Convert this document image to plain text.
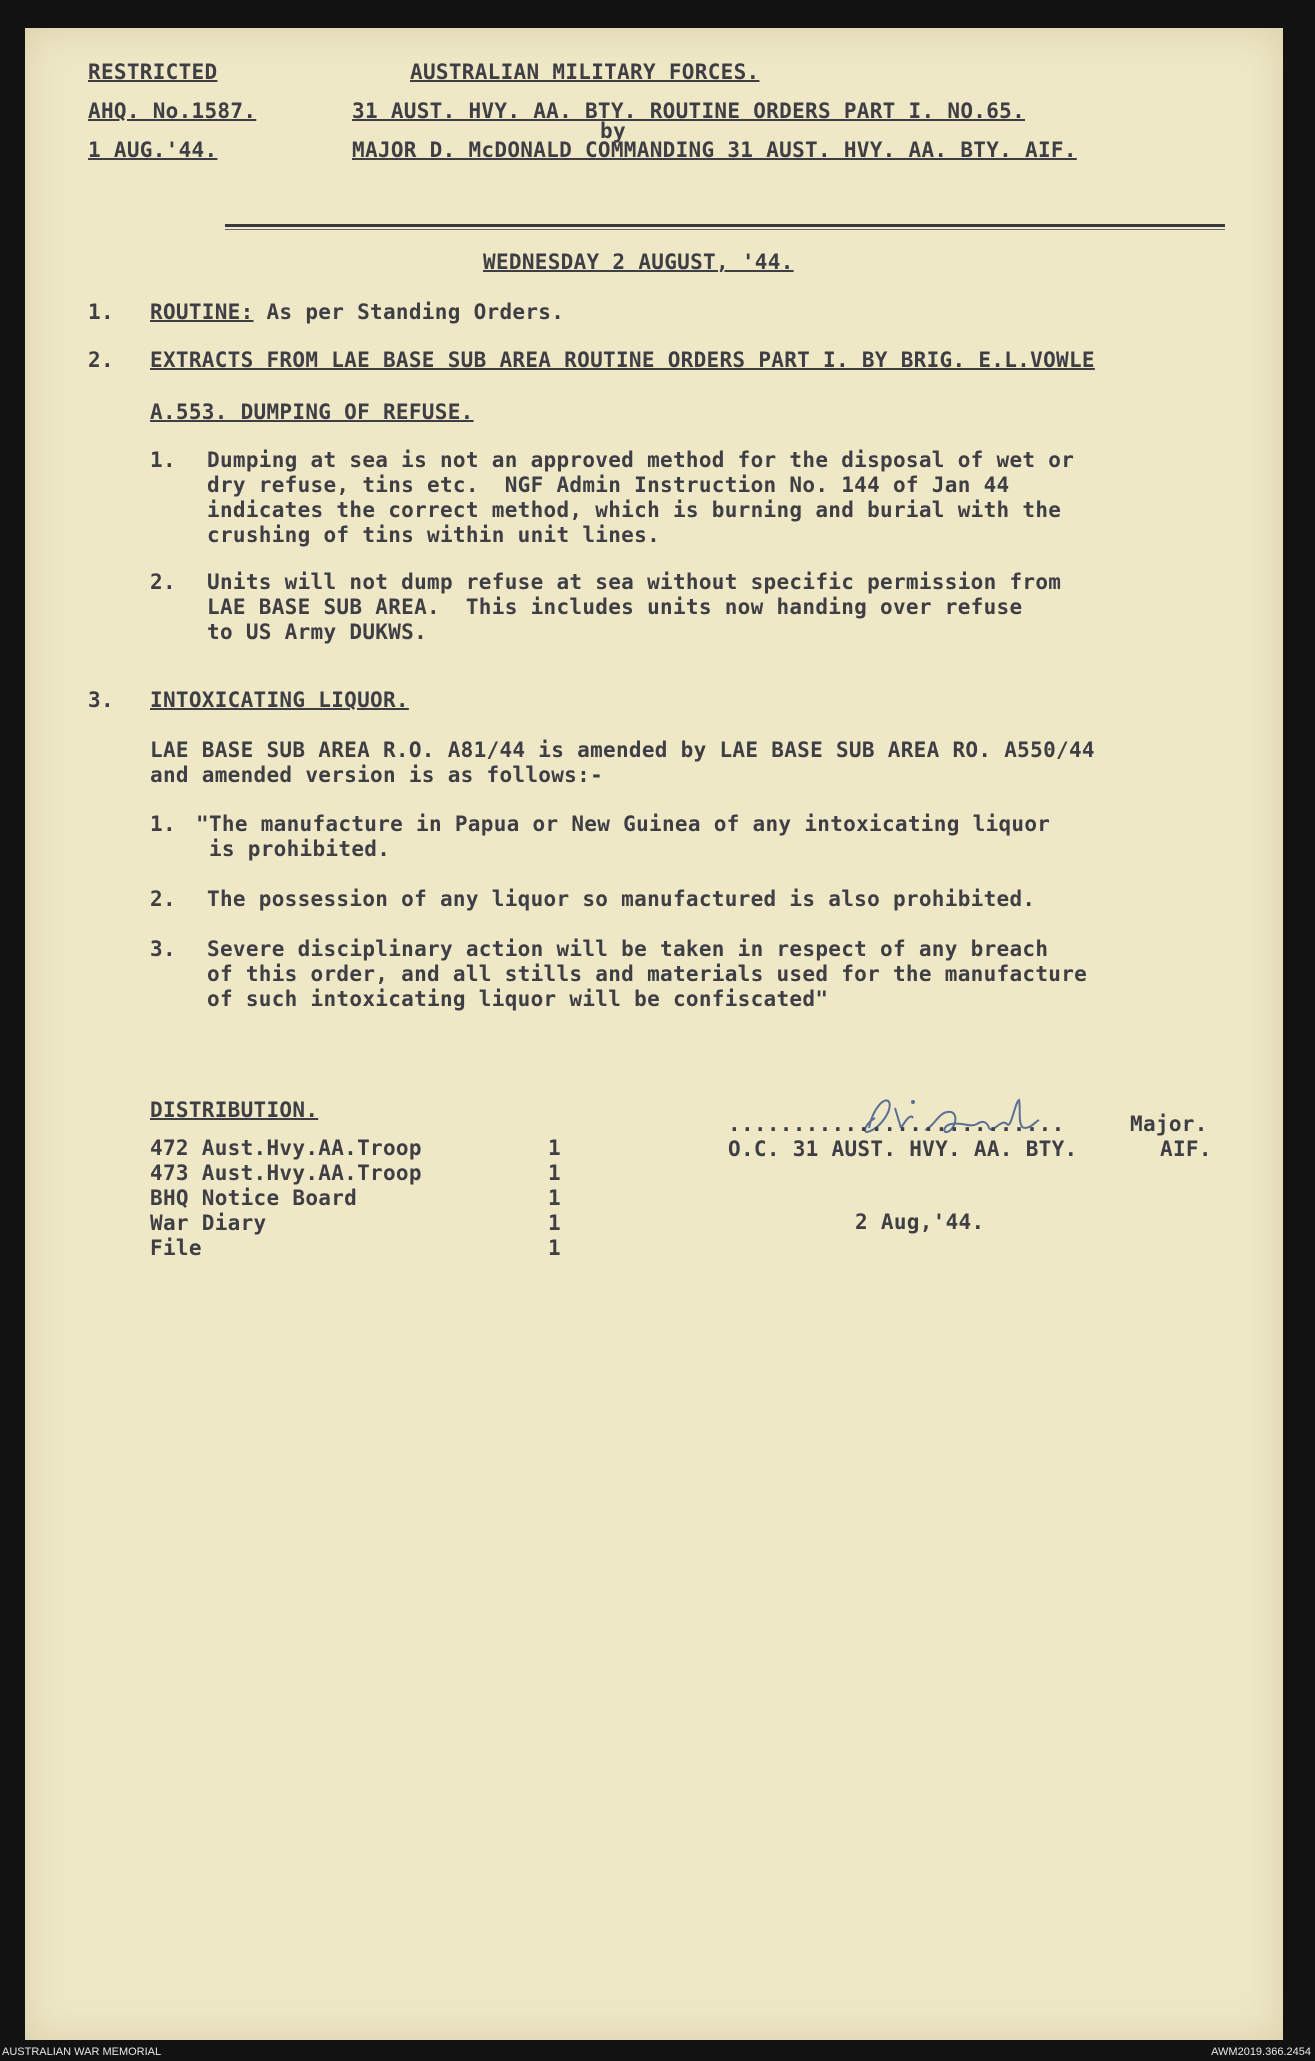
RESTRICTED	AUSTRALIAN MILITARY FORCES.
AHQ. No.1587.	31 AUST. HVY. AA. BTY. ROUTINE ORDERS PART I. NO.65.
by
1 AUG.'44.	MAJOR D. McDONALD COMMANDING 31 AUST. HVY. AA. BTY. AIF.
WEDNESDAY 2 AUGUST, '44.
1. ROUTINE: As per Standing Orders.
2. EXTRACTS FROM LAE BASE SUB AREA ROUTINE ORDERS PART I. BY BRIG. E.L.VOWLE
A.553. DUMPING OF REFUSE.
1. Dumping at sea is not an approved method for the disposal of wet or
dry refuse, tins etc.  NGF Admin Instruction No. 144 of Jan 44
indicates the correct method, which is burning and burial with the
crushing of tins within unit lines.
2. Units will not dump refuse at sea without specific permission from
LAE BASE SUB AREA.  This includes units now handing over refuse
to US Army DUKWS.
3. INTOXICATING LIQUOR.
LAE BASE SUB AREA R.O. A81/44 is amended by LAE BASE SUB AREA RO. A550/44
and amended version is as follows:-
1. "The manufacture in Papua or New Guinea of any intoxicating liquor
is prohibited.
2. The possession of any liquor so manufactured is also prohibited.
3. Severe disciplinary action will be taken in respect of any breach
of this order, and all stills and materials used for the manufacture
of such intoxicating liquor will be confiscated"
DISTRIBUTION.
472 Aust.Hvy.AA.Troop	1
473 Aust.Hvy.AA.Troop	1
BHQ Notice Board	1
War Diary	1
File	1
..........................	Major.
O.C. 31 AUST. HVY. AA. BTY.	AIF.
2 Aug,'44.
AUSTRALIAN WAR MEMORIAL	AWM2019.366.2454
